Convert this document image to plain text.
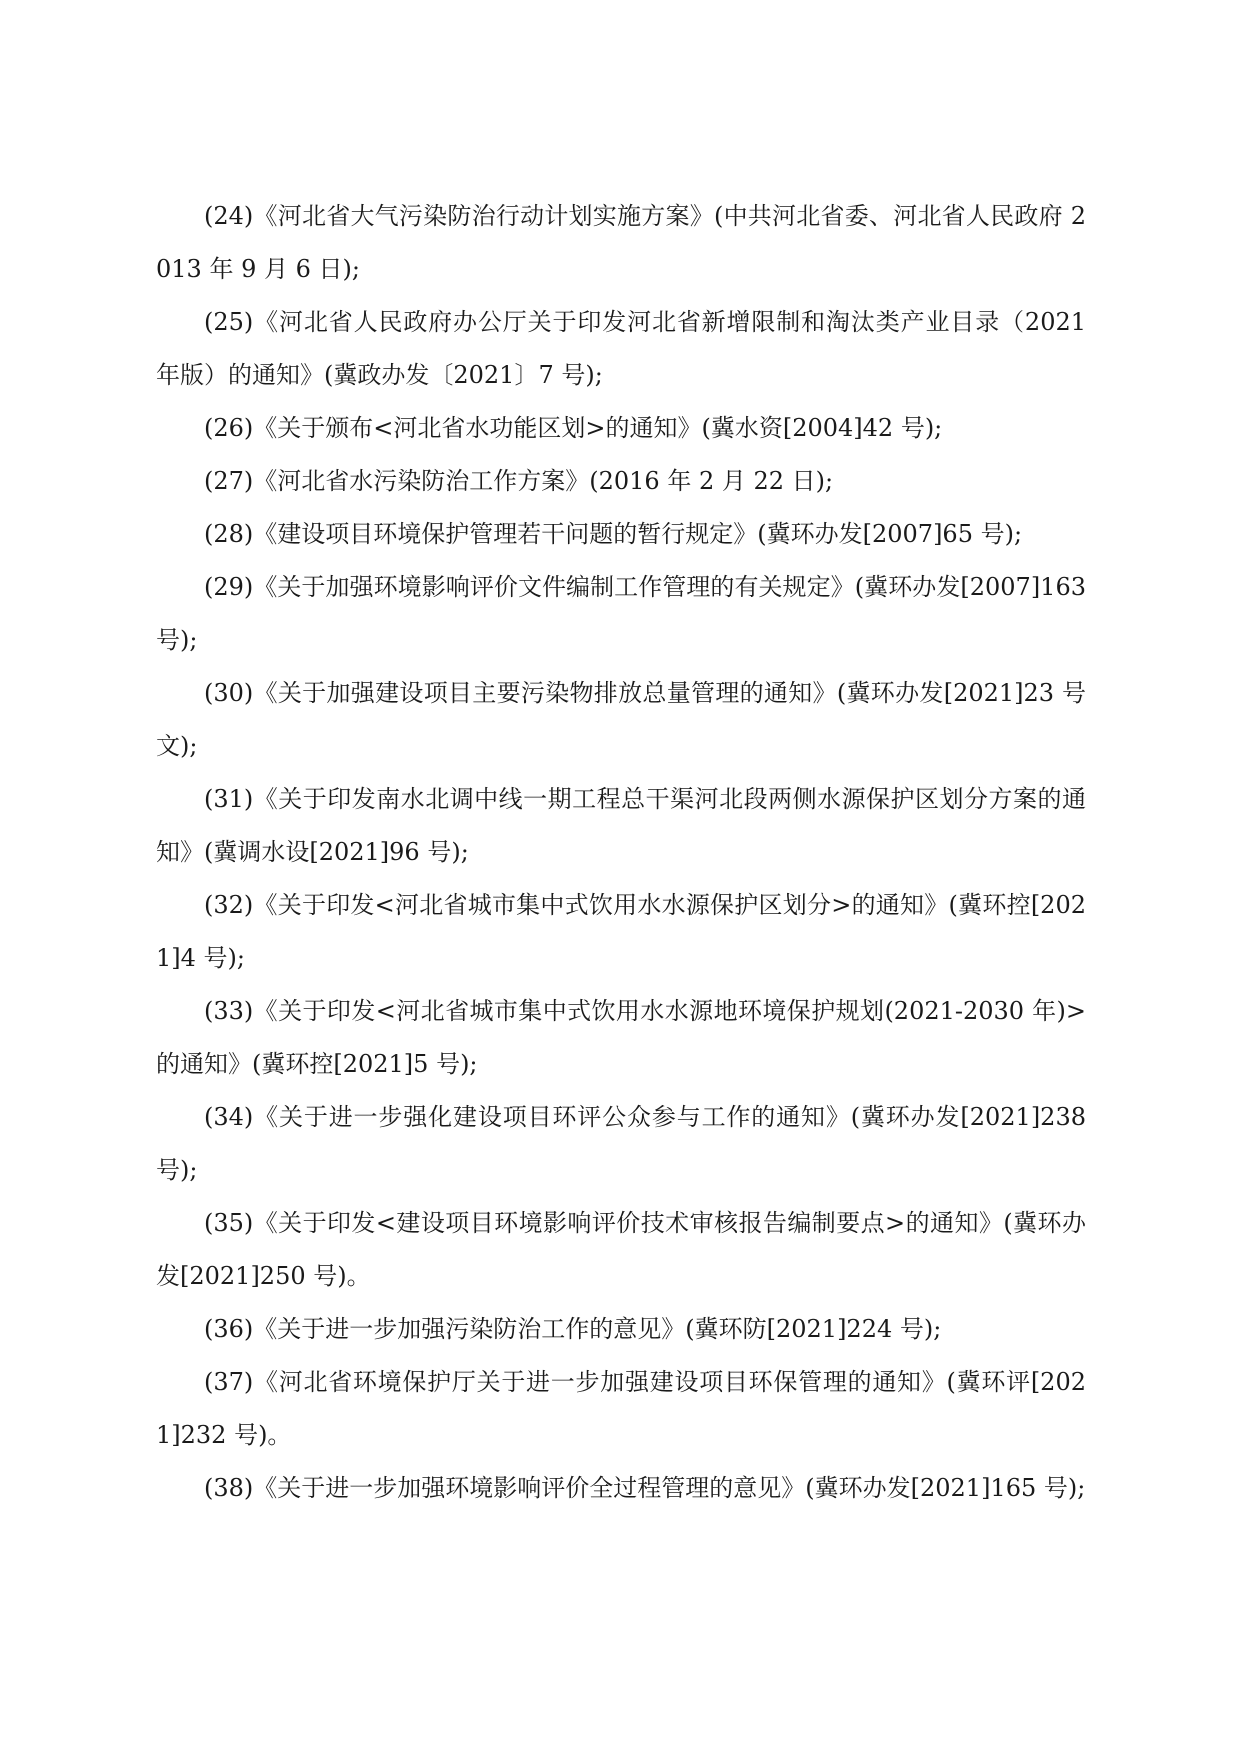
(24)《河北省大气污染防治行动计划实施方案》(中共河北省委、河北省人民政府 2013 年 9 月 6 日);

(25)《河北省人民政府办公厅关于印发河北省新增限制和淘汰类产业目录（2021 年版）的通知》(冀政办发〔2021〕7 号);

(26)《关于颁布<河北省水功能区划>的通知》(冀水资[2004]42 号);

(27)《河北省水污染防治工作方案》(2016 年 2 月 22 日);

(28)《建设项目环境保护管理若干问题的暂行规定》(冀环办发[2007]65 号);

(29)《关于加强环境影响评价文件编制工作管理的有关规定》(冀环办发[2007]163 号);

(30)《关于加强建设项目主要污染物排放总量管理的通知》(冀环办发[2021]23 号文);

(31)《关于印发南水北调中线一期工程总干渠河北段两侧水源保护区划分方案的通知》(冀调水设[2021]96 号);

(32)《关于印发<河北省城市集中式饮用水水源保护区划分>的通知》(冀环控[2021]4 号);

(33)《关于印发<河北省城市集中式饮用水水源地环境保护规划(2021-2030 年)>的通知》(冀环控[2021]5 号);

(34)《关于进一步强化建设项目环评公众参与工作的通知》(冀环办发[2021]238 号);

(35)《关于印发<建设项目环境影响评价技术审核报告编制要点>的通知》(冀环办发[2021]250 号)。

(36)《关于进一步加强污染防治工作的意见》(冀环防[2021]224 号);

(37)《河北省环境保护厅关于进一步加强建设项目环保管理的通知》(冀环评[2021]232 号)。

(38)《关于进一步加强环境影响评价全过程管理的意见》(冀环办发[2021]165 号);
